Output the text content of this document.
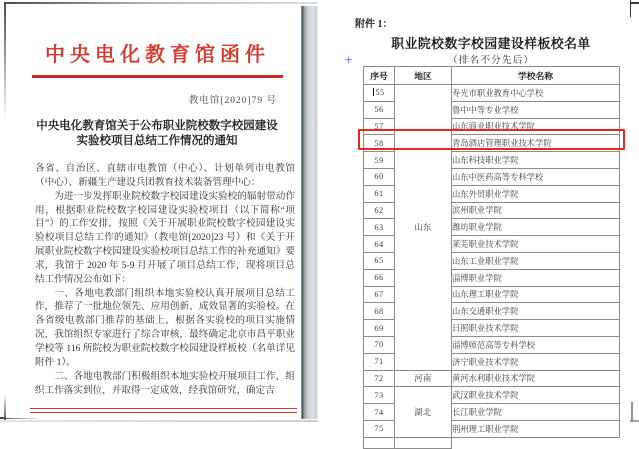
中央电化教育馆函件
教电馆[2020]79 号
中央电化教育馆关于公布职业院校数字校园建设
实验校项目总结工作情况的通知

各省、自治区、直辖市电教馆（中心）、计划单列市电教馆（中心）、新疆生产建设兵团教育技术装备管理中心：

为进一步发挥职业院校数字校园建设实验校的辐射带动作用，根据职业院校数字校园建设实验校项目（以下简称“项目”）的工作安排，按照《关于开展职业院校数字校园建设实验校项目总结工作的通知》（教电馆[2020]23 号）和《关于开展职业院校数字校园建设实验校项目总结工作的补充通知》要求，我馆于 2020 年 5-9 月开展了项目总结工作，现将项目总结工作情况公布如下：

一、各地电教部门组织本地实验校认真开展项目总结工作，推荐了一批地位领先、应用创新、成效显著的实验校。在各省级电教部门推荐的基础上，根据各实验校的项目实施情况，我馆组织专家进行了综合审核，最终确定北京市昌平职业学校等 116 所院校为职业院校数字校园建设样板校（名单详见附件 1）。

二、各地电教部门积极组织本地实验校开展项目工作，组织工作落实到位，并取得一定成效，经我馆研究，确定吉

附件 1：
职业院校数字校园建设样板校名单
（排名不分先后）
+
序号	地区	学校名称
55	山东	寿光市职业教育中心学校
56		鲁中中等专业学校
57		山东商业职业技术学院
58		青岛酒店管理职业技术学院
59		山东科技职业学院
60		山东中医药高等专科学校
61		山东外贸职业学院
62		滨州职业学院
63		潍坊职业学院
64		莱芜职业技术学院
65		山东工业职业学院
66		淄博职业学院
67		山东理工职业学院
68		山东交通职业学院
69		日照职业技术学院
70		淄博师范高等专科学校
71		济宁职业技术学院
72	河南	黄河水利职业技术学院
73	湖北	武汉职业技术学院
74		长江职业学院
75		荆州理工职业学院
